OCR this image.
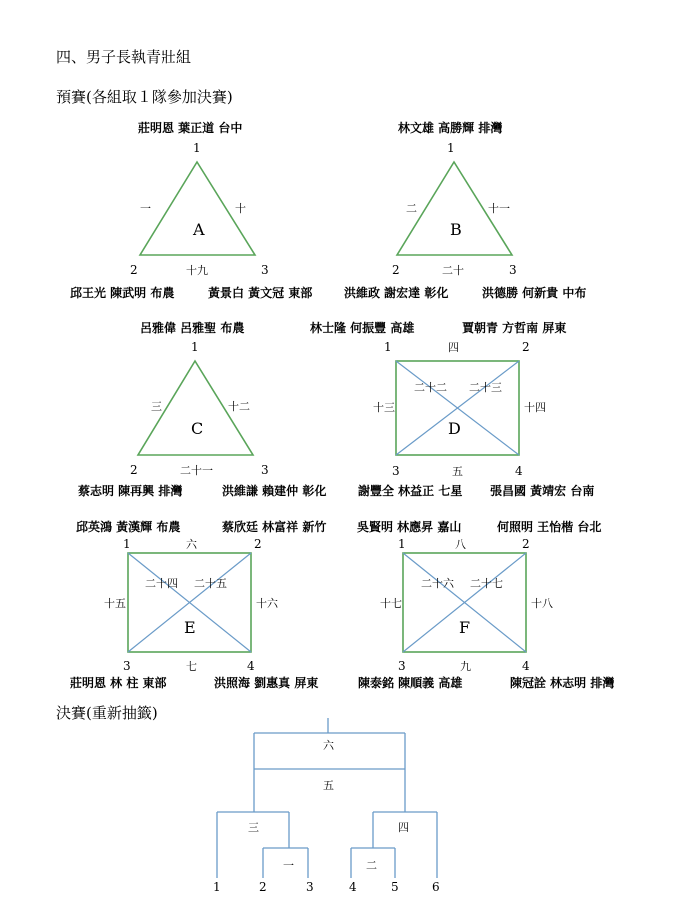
四、男子長執青壯組
預賽(各組取１隊參加決賽)
決賽(重新抽籤)
莊明恩 葉正道 台中
1
2	3
一	十
十九
A
邱王光 陳武明 布農	黃景白 黃文冠 東部
林文雄 高勝輝 排灣
1
2	3
二	十一
二十
B
洪維政 謝宏達 彰化	洪德勝 何新貴 中布
呂雅偉 呂雅聖 布農
1
2	3
三	十二
二十一
C
蔡志明 陳再興 排灣	洪維謙 賴建仲 彰化
林士隆 何振豐 高雄	賈朝青 方哲南 屏東
1	2
3	4
四
五
十三	十四
二十二 二十三
D
謝豐全 林益正 七星 張昌國 黃靖宏 台南
邱英鴻 黃漢輝 布農	蔡欣廷 林富祥 新竹
1	2
3	4
六
七
十五	十六
二十四 二十五
E
莊明恩 林 柱 東部	洪照海 劉惠真 屏東
吳賢明 林應昇 嘉山	何照明 王怡楷 台北
1	2
3	4
八
九
十七	十八
二十六 二十七
F
陳泰銘 陳順義 高雄	陳冠詮 林志明 排灣
六
五
三	四
一	二
1	2	3	4	5	6
